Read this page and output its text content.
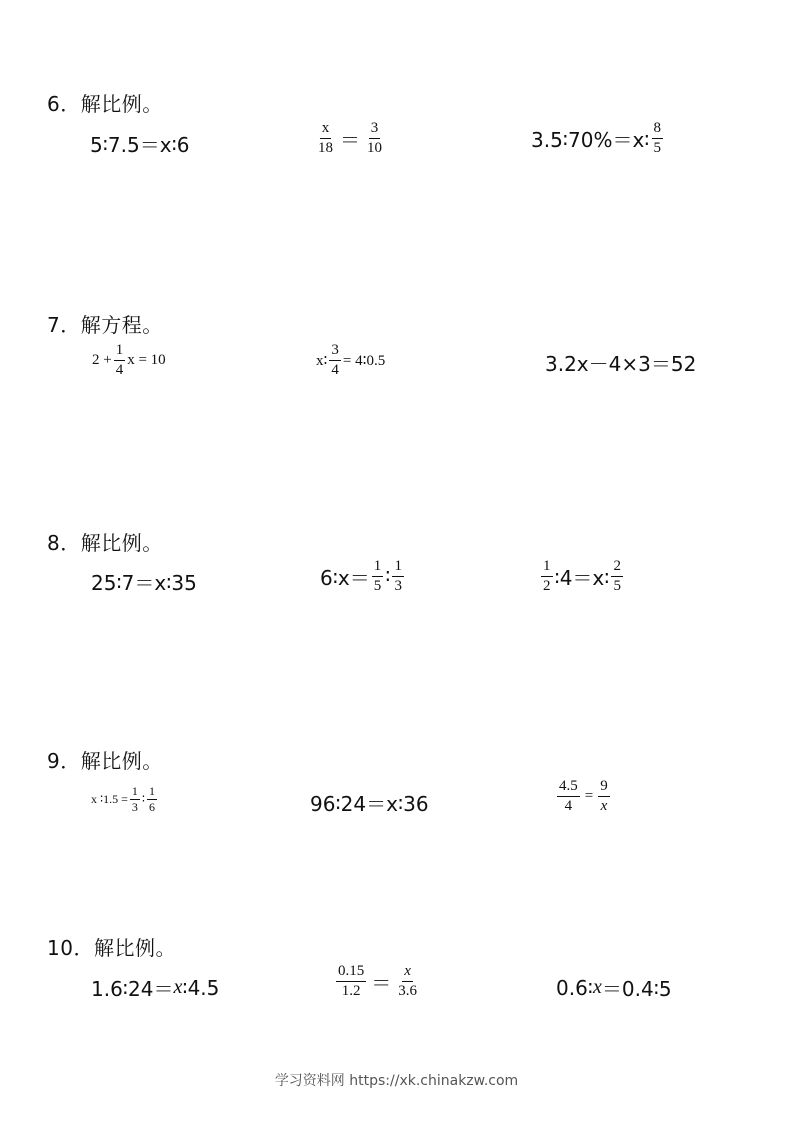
6．解比例。
5∶7.5＝x∶6	$\frac{x}{18} = \frac{3}{10}$	3.5∶70%＝x∶ $\frac{8}{5}$
7．解方程。
$2 + \frac{1}{4}$ x = 10	x∶ $\frac{3}{4}$ = 4∶0.5	3.2x－4×3＝52
8．解比例。
25∶7＝x∶35	6∶x＝ $\frac{1}{5}$ ∶ $\frac{1}{3}$	$\frac{1}{2}$ ∶4＝x∶ $\frac{2}{5}$
9．解比例。
x ∶1.5 = $\frac{1}{3}$ ∶ $\frac{1}{6}$	96∶24＝x∶36	$\frac{4.5}{4} = \frac{9}{x}$
10．解比例。
1.6∶24＝ x ∶4.5	$\frac{0.15}{1.2} = \frac{x}{3.6}$	0.6∶ x ＝0.4∶5
学习资料网 https://xk.chinakzw.com
